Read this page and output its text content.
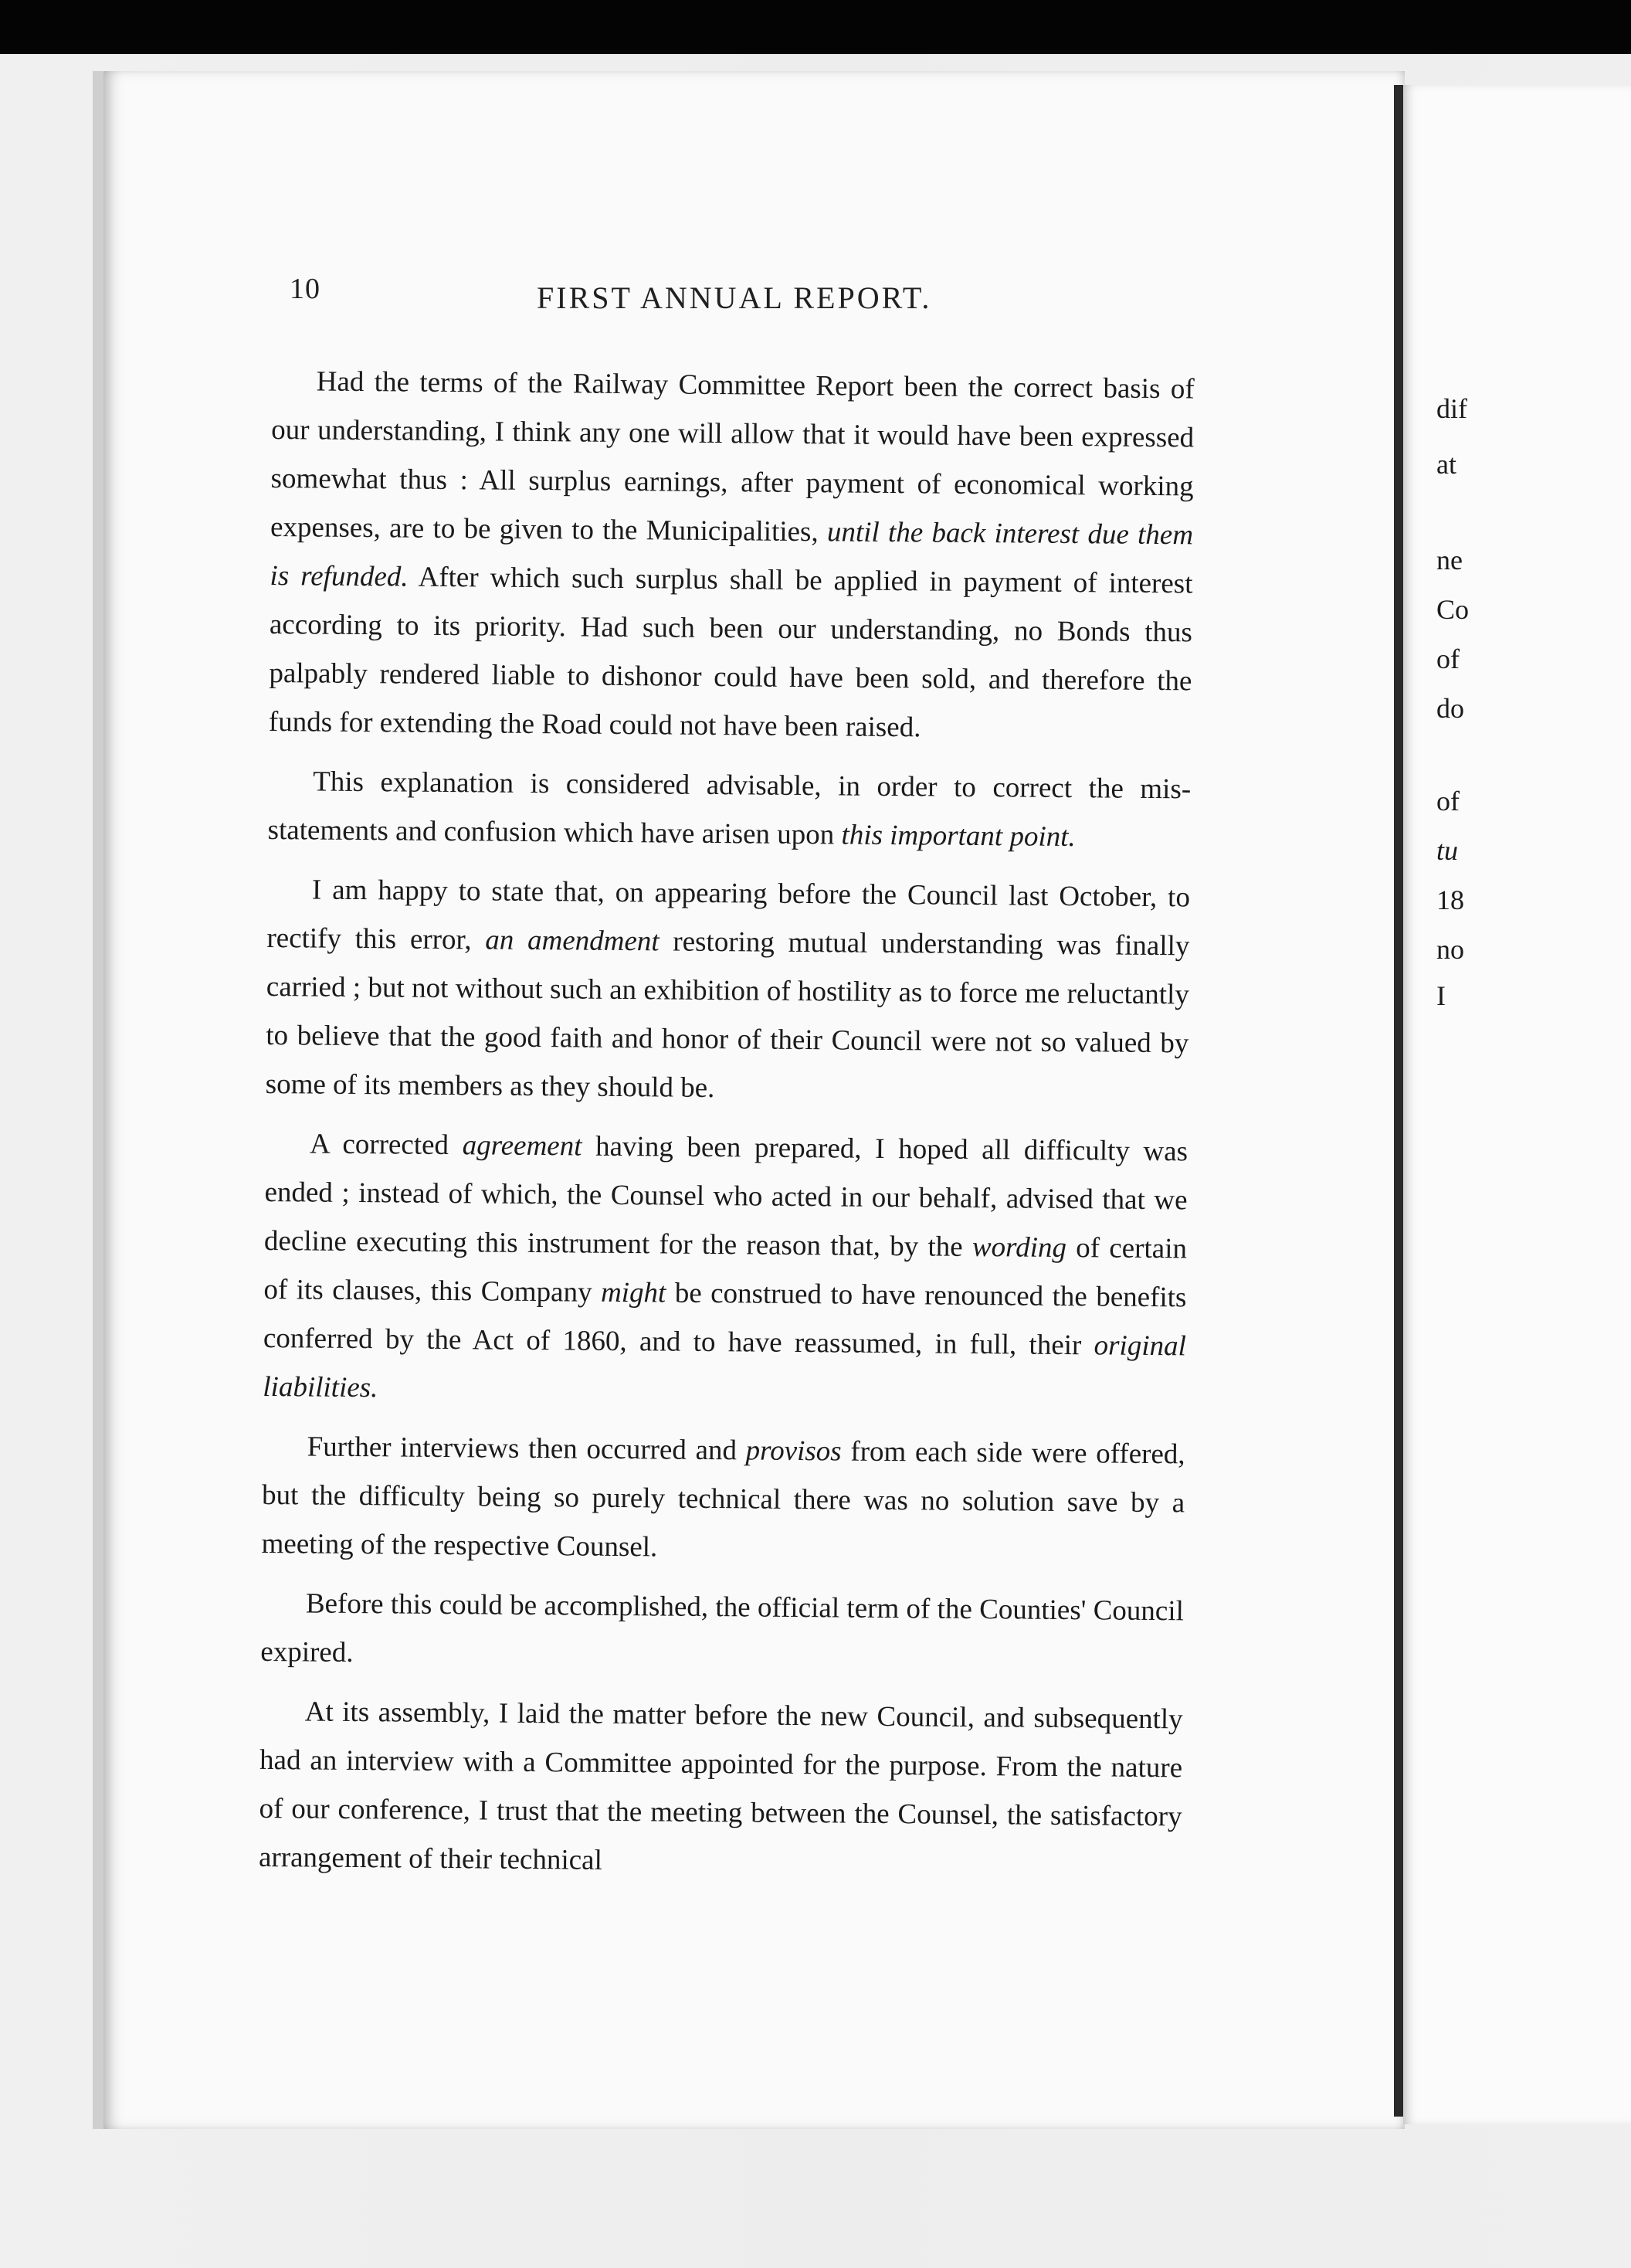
10	FIRST ANNUAL REPORT.

Had the terms of the Railway Committee Report been the correct basis of our understanding, I think any one will allow that it would have been expressed somewhat thus : All surplus earnings, after payment of economical working expenses, are to be given to the Municipalities, until the back interest due them is refunded. After which such surplus shall be applied in payment of interest according to its priority. Had such been our understanding, no Bonds thus palpably rendered liable to dishonor could have been sold, and therefore the funds for extending the Road could not have been raised.

This explanation is considered advisable, in order to correct the mis-statements and confusion which have arisen upon this important point.

I am happy to state that, on appearing before the Council last October, to rectify this error, an amendment restoring mutual understanding was finally carried ; but not without such an exhibition of hostility as to force me reluctantly to believe that the good faith and honor of their Council were not so valued by some of its members as they should be.

A corrected agreement having been prepared, I hoped all difficulty was ended ; instead of which, the Counsel who acted in our behalf, advised that we decline executing this instrument for the reason that, by the wording of certain of its clauses, this Company might be construed to have renounced the benefits conferred by the Act of 1860, and to have reassumed, in full, their original liabilities.

Further interviews then occurred and provisos from each side were offered, but the difficulty being so purely technical there was no solution save by a meeting of the respective Counsel.

Before this could be accomplished, the official term of the Counties' Council expired.

At its assembly, I laid the matter before the new Council, and subsequently had an interview with a Committee appointed for the purpose. From the nature of our conference, I trust that the meeting between the Counsel, the satisfactory arrangement of their technical

dif
at
ne
Co
of
do
of
tu
18
no
I
